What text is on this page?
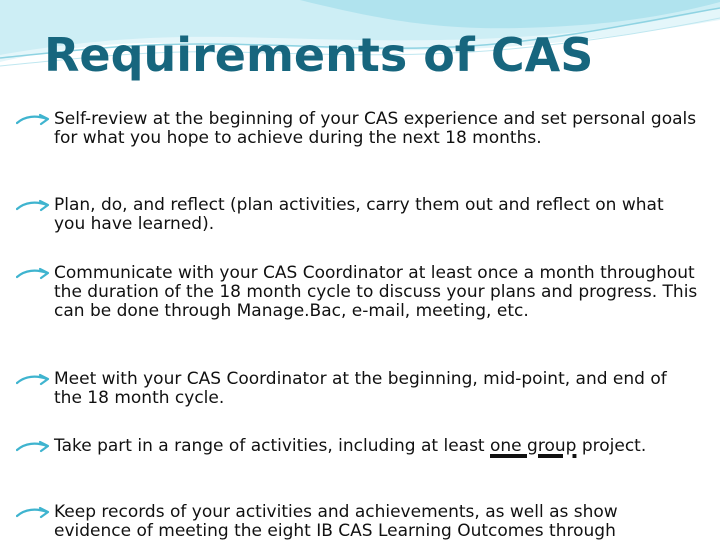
Requirements of CAS
Self-review at the beginning of your CAS experience and set personal goals for what you hope to achieve during the next 18 months.
Plan, do, and reflect (plan activities, carry them out and reflect on what you have learned).
Communicate with your CAS Coordinator at least once a month throughout the duration of the 18 month cycle to discuss your plans and progress. This can be done through Manage.Bac, e-mail, meeting, etc.
Meet with your CAS Coordinator at the beginning, mid-point, and end of the 18 month cycle.
Take part in a range of activities, including at least one group project.
Keep records of your activities and achievements, as well as show evidence of meeting the eight IB CAS Learning Outcomes through
